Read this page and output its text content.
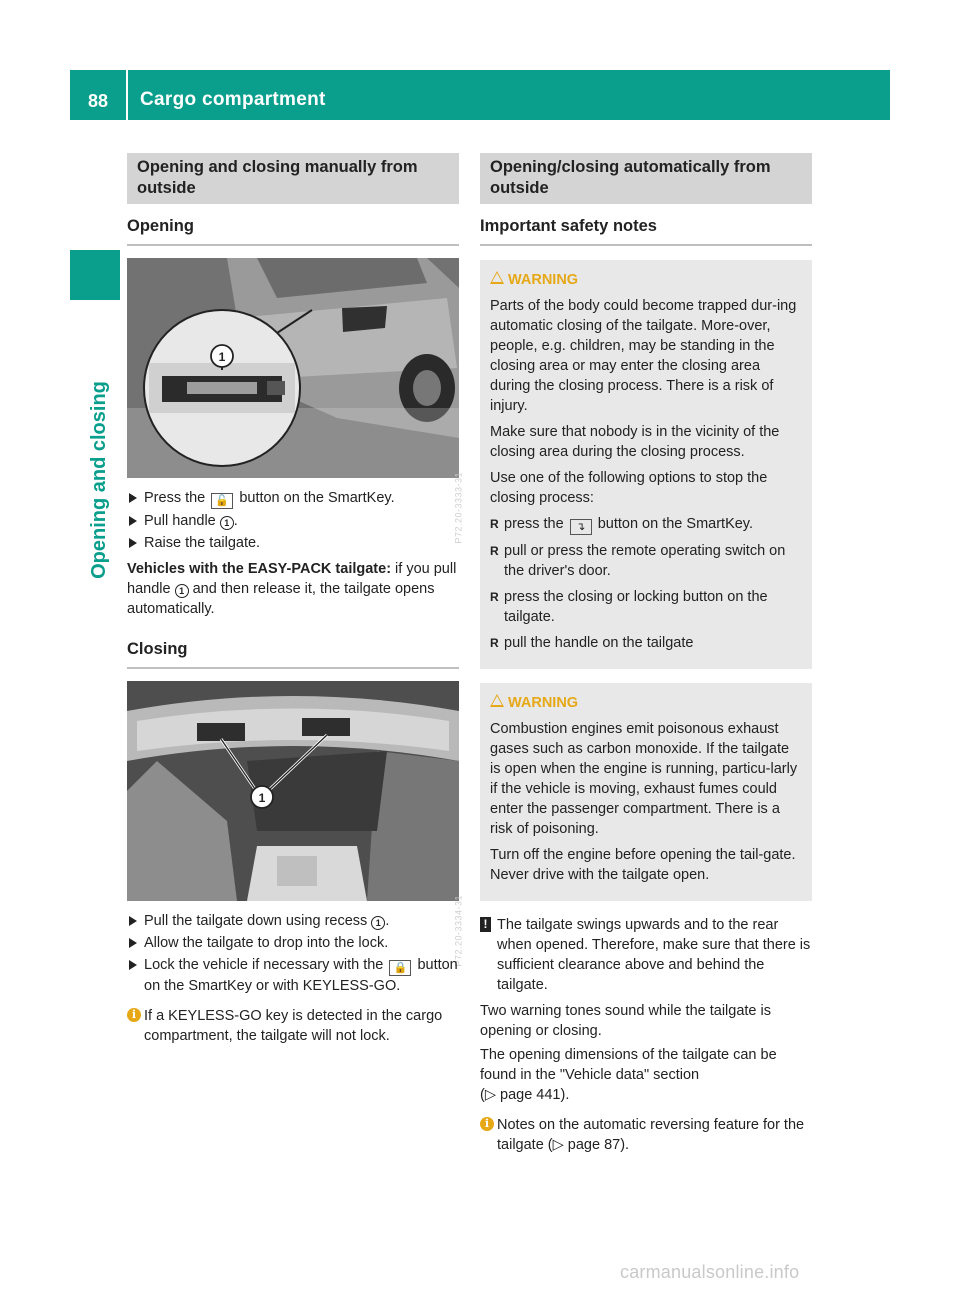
88	Cargo compartment
Opening and closing
Opening and closing manually from outside
Opening
1
P72.20-3333-31
Press the 🔓 button on the SmartKey.
Pull handle 1 .
Raise the tailgate.
Vehicles with the EASY-PACK tailgate: if you pull handle 1 and then release it, the tailgate opens automatically.
Closing
1
P72.20-3334-31
Pull the tailgate down using recess 1 .
Allow the tailgate to drop into the lock.
Lock the vehicle if necessary with the 🔒 button on the SmartKey or with KEYLESS-GO.
i If a KEYLESS-GO key is detected in the cargo compartment, the tailgate will not lock.
Opening/closing automatically from outside
Important safety notes
WARNING

Parts of the body could become trapped dur-ing automatic closing of the tailgate. More-over, people, e.g. children, may be standing in the closing area or may enter the closing area during the closing process. There is a risk of injury.

Make sure that nobody is in the vicinity of the closing area during the closing process.

Use one of the following options to stop the closing process:

R press the ↴ button on the SmartKey.
R pull or press the remote operating switch on the driver's door.
R press the closing or locking button on the tailgate.
R pull the handle on the tailgate
WARNING

Combustion engines emit poisonous exhaust gases such as carbon monoxide. If the tailgate is open when the engine is running, particu-larly if the vehicle is moving, exhaust fumes could enter the passenger compartment. There is a risk of poisoning.

Turn off the engine before opening the tail-gate. Never drive with the tailgate open.

! The tailgate swings upwards and to the rear when opened. Therefore, make sure that there is sufficient clearance above and behind the tailgate.
Two warning tones sound while the tailgate is opening or closing.
The opening dimensions of the tailgate can be found in the "Vehicle data" section
(▷ page 441).
i Notes on the automatic reversing feature for the tailgate (▷ page 87).
carmanualsonline.info
